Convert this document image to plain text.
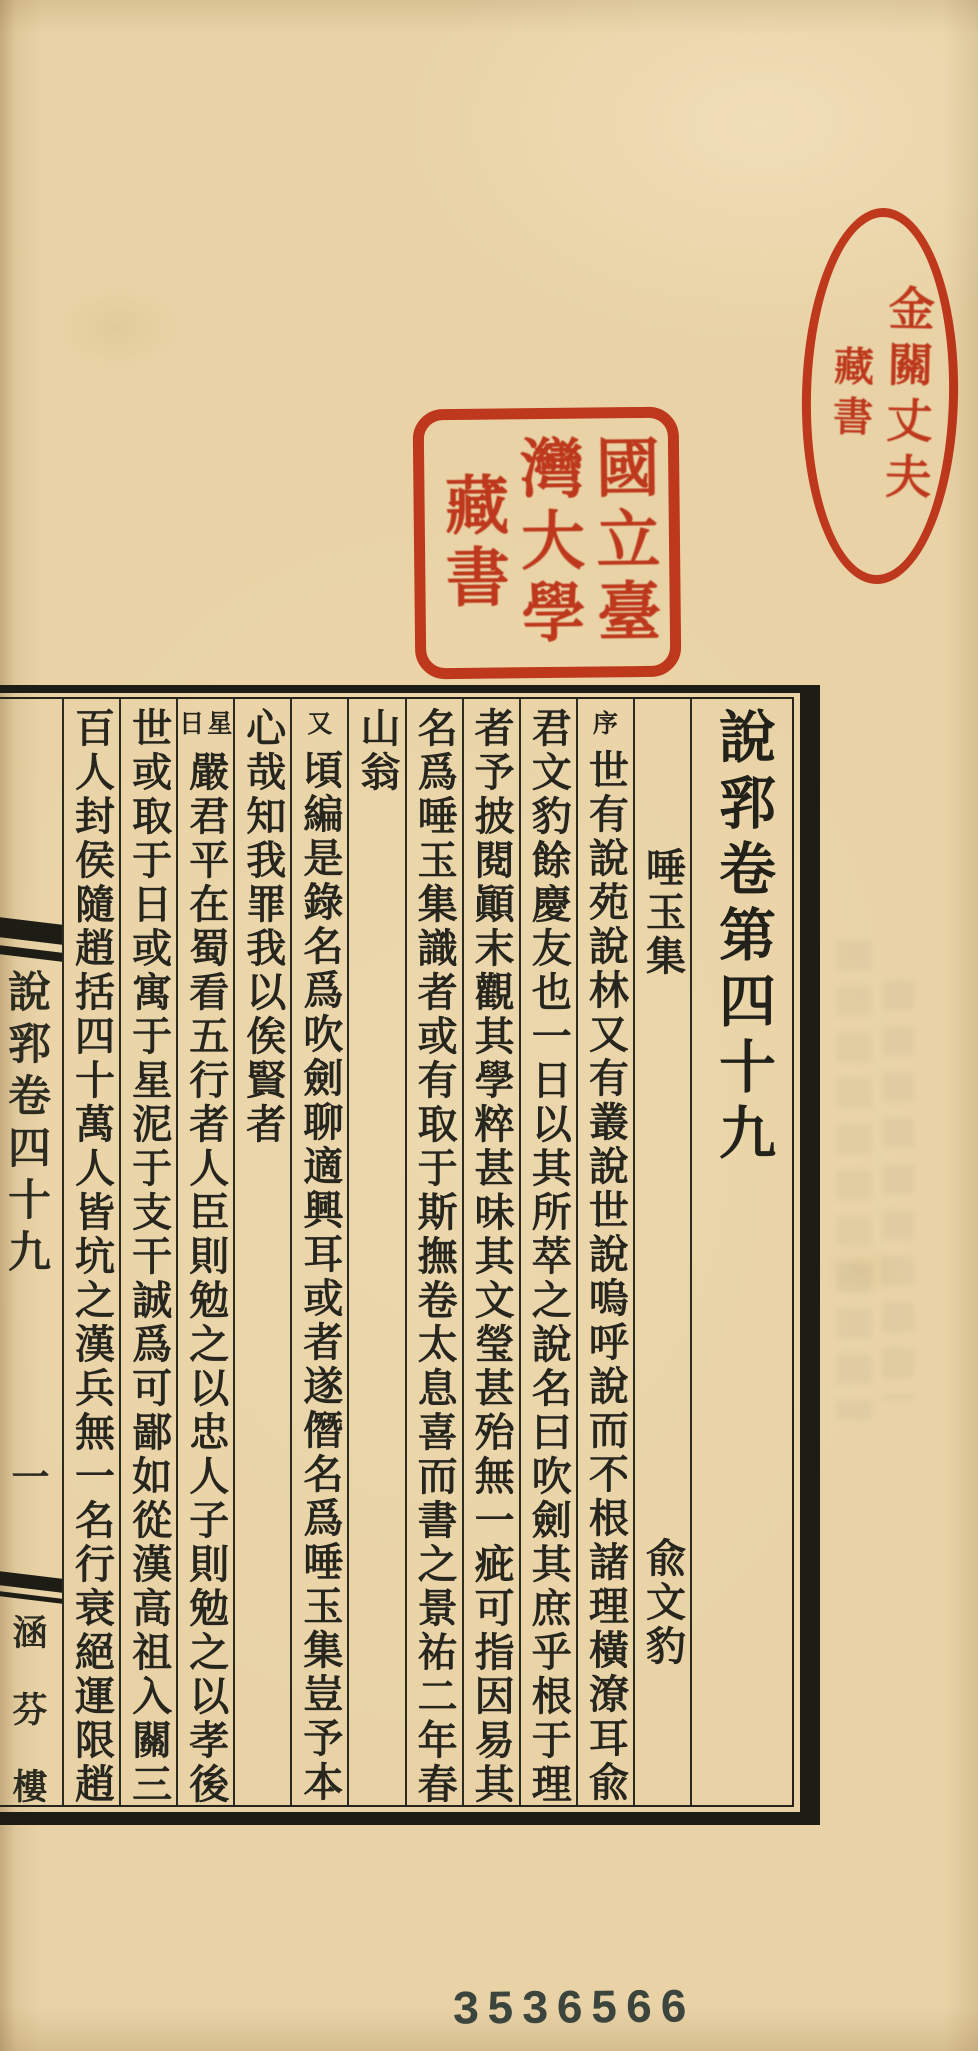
國立臺
灣大學
藏書
金關丈夫
藏書
說郛卷四十九
一
涵芬樓
說郛卷第四十九
唾玉集
兪文豹
序
世有說苑說林又有叢說世說嗚呼說而不根諸理橫潦耳兪
君文豹餘慶友也一日以其所萃之說名曰吹劍其庶乎根于理
者予披閱顚末觀其學粹甚味其文瑩甚殆無一疵可指因易其
名爲唾玉集識者或有取于斯撫卷太息喜而書之景祐二年春
山翁
又
頃編是錄名爲吹劍聊適興耳或者遂僭名爲唾玉集豈予本
心哉知我罪我以俟賢者
星
日
嚴君平在蜀看五行者人臣則勉之以忠人子則勉之以孝後
世或取于日或寓于星泥于支干誠爲可鄙如從漢高祖入關三
百人封侯隨趙括四十萬人皆坑之漢兵無一名行衰絕運限趙
3536566
